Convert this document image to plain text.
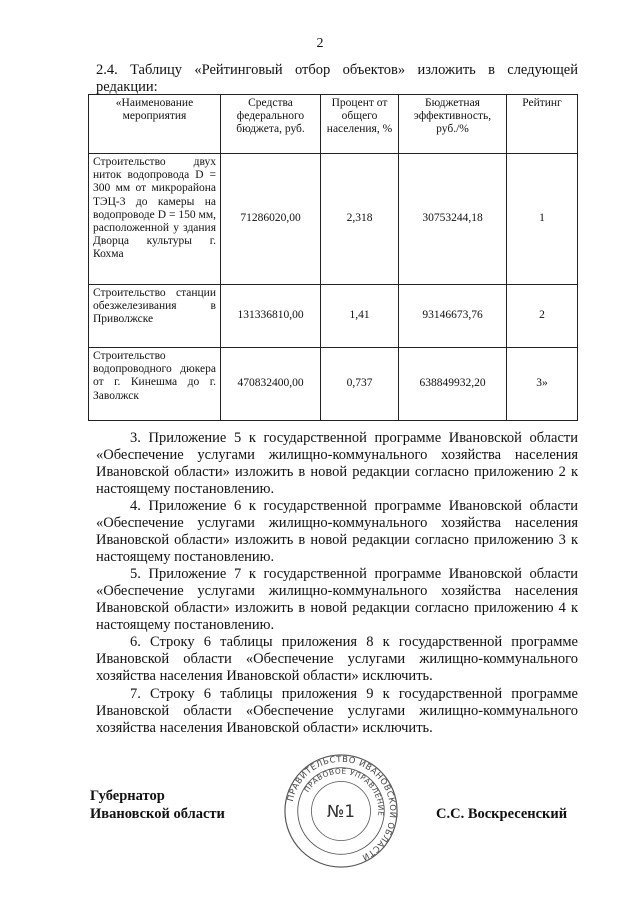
2
2.4. Таблицу «Рейтинговый отбор объектов» изложить в следующей редакции:
«Наименование мероприятия	Средства федерального бюджета, руб.	Процент от общего населения, %	Бюджетная эффективность, руб./%	Рейтинг
Строительство двух ниток водопровода D = 300 мм от микрорайона ТЭЦ-3 до камеры на водопроводе D = 150 мм, расположенной у здания Дворца культуры г. Кохма	71286020,00	2,318	30753244,18	1
Строительство станции обезжелезивания в Приволжске	131336810,00	1,41	93146673,76	2
Строительство водопроводного дюкера от г. Кинешма до г. Заволжск	470832400,00	0,737	638849932,20	3»
3. Приложение 5 к государственной программе Ивановской области «Обеспечение услугами жилищно-коммунального хозяйства населения Ивановской области» изложить в новой редакции согласно приложению 2 к настоящему постановлению.
4. Приложение 6 к государственной программе Ивановской области «Обеспечение услугами жилищно-коммунального хозяйства населения Ивановской области» изложить в новой редакции согласно приложению 3 к настоящему постановлению.
5. Приложение 7 к государственной программе Ивановской области «Обеспечение услугами жилищно-коммунального хозяйства населения Ивановской области» изложить в новой редакции согласно приложению 4 к настоящему постановлению.
6. Строку 6 таблицы приложения 8 к государственной программе Ивановской области «Обеспечение услугами жилищно-коммунального хозяйства населения Ивановской области» исключить.
7. Строку 6 таблицы приложения 9 к государственной программе Ивановской области «Обеспечение услугами жилищно-коммунального хозяйства населения Ивановской области» исключить.
Губернатор
Ивановской области	С.С. Воскресенский
ПРАВИТЕЛЬСТВО ИВАНОВСКОЙ ОБЛАСТИ
ПРАВОВОЕ УПРАВЛЕНИЕ
№1
